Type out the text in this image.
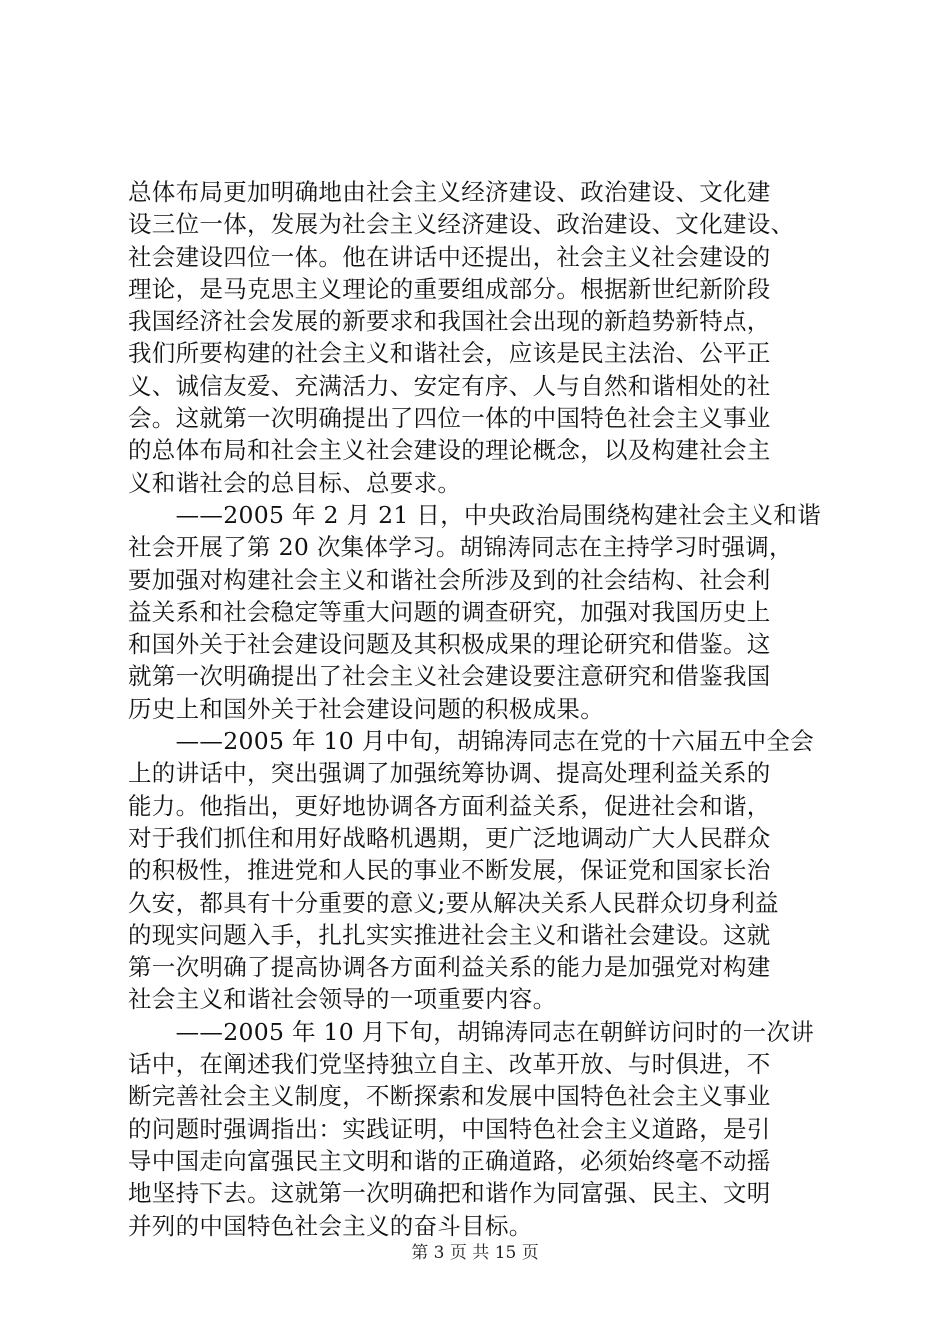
总体布局更加明确地由社会主义经济建设、政治建设、文化建
设三位一体，发展为社会主义经济建设、政治建设、文化建设、
社会建设四位一体。他在讲话中还提出，社会主义社会建设的
理论，是马克思主义理论的重要组成部分。根据新世纪新阶段
我国经济社会发展的新要求和我国社会出现的新趋势新特点，
我们所要构建的社会主义和谐社会，应该是民主法治、公平正
义、诚信友爱、充满活力、安定有序、人与自然和谐相处的社
会。这就第一次明确提出了四位一体的中国特色社会主义事业
的总体布局和社会主义社会建设的理论概念，以及构建社会主
义和谐社会的总目标、总要求。
　　——2005 年 2 月 21 日，中央政治局围绕构建社会主义和谐
社会开展了第 20 次集体学习。胡锦涛同志在主持学习时强调，
要加强对构建社会主义和谐社会所涉及到的社会结构、社会利
益关系和社会稳定等重大问题的调查研究，加强对我国历史上
和国外关于社会建设问题及其积极成果的理论研究和借鉴。这
就第一次明确提出了社会主义社会建设要注意研究和借鉴我国
历史上和国外关于社会建设问题的积极成果。
　　——2005 年 10 月中旬，胡锦涛同志在党的十六届五中全会
上的讲话中，突出强调了加强统筹协调、提高处理利益关系的
能力。他指出，更好地协调各方面利益关系，促进社会和谐，
对于我们抓住和用好战略机遇期，更广泛地调动广大人民群众
的积极性，推进党和人民的事业不断发展，保证党和国家长治
久安，都具有十分重要的意义;要从解决关系人民群众切身利益
的现实问题入手，扎扎实实推进社会主义和谐社会建设。这就
第一次明确了提高协调各方面利益关系的能力是加强党对构建
社会主义和谐社会领导的一项重要内容。
　　——2005 年 10 月下旬，胡锦涛同志在朝鲜访问时的一次讲
话中，在阐述我们党坚持独立自主、改革开放、与时俱进，不
断完善社会主义制度，不断探索和发展中国特色社会主义事业
的问题时强调指出：实践证明，中国特色社会主义道路，是引
导中国走向富强民主文明和谐的正确道路，必须始终毫不动摇
地坚持下去。这就第一次明确把和谐作为同富强、民主、文明
并列的中国特色社会主义的奋斗目标。
第 3 页 共 15 页
